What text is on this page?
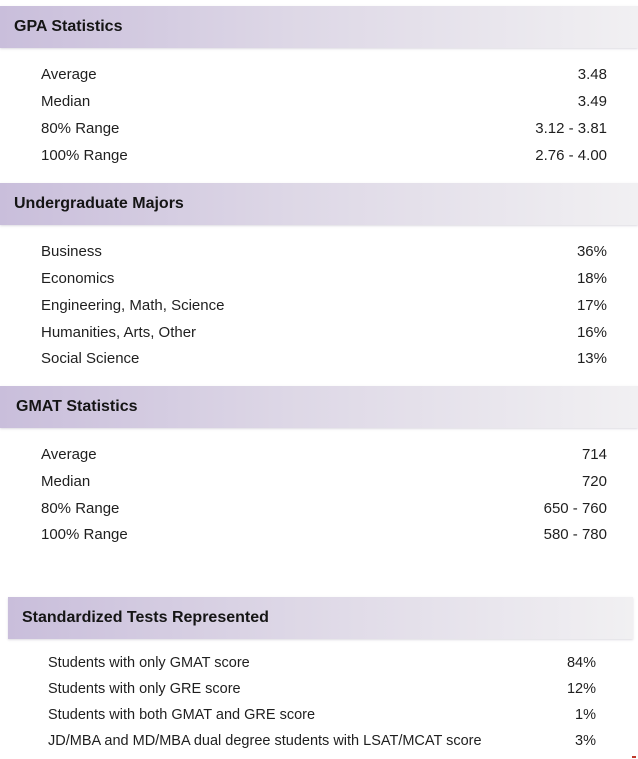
GPA Statistics
Average	3.48
Median	3.49
80% Range	3.12 - 3.81
100% Range	2.76 - 4.00
Undergraduate Majors
Business	36%
Economics	18%
Engineering, Math, Science	17%
Humanities, Arts, Other	16%
Social Science	13%
GMAT Statistics
Average	714
Median	720
80% Range	650 - 760
100% Range	580 - 780
Standardized Tests Represented
Students with only GMAT score	84%
Students with only GRE score	12%
Students with both GMAT and GRE score	1%
JD/MBA and MD/MBA dual degree students with LSAT/MCAT score	3%
